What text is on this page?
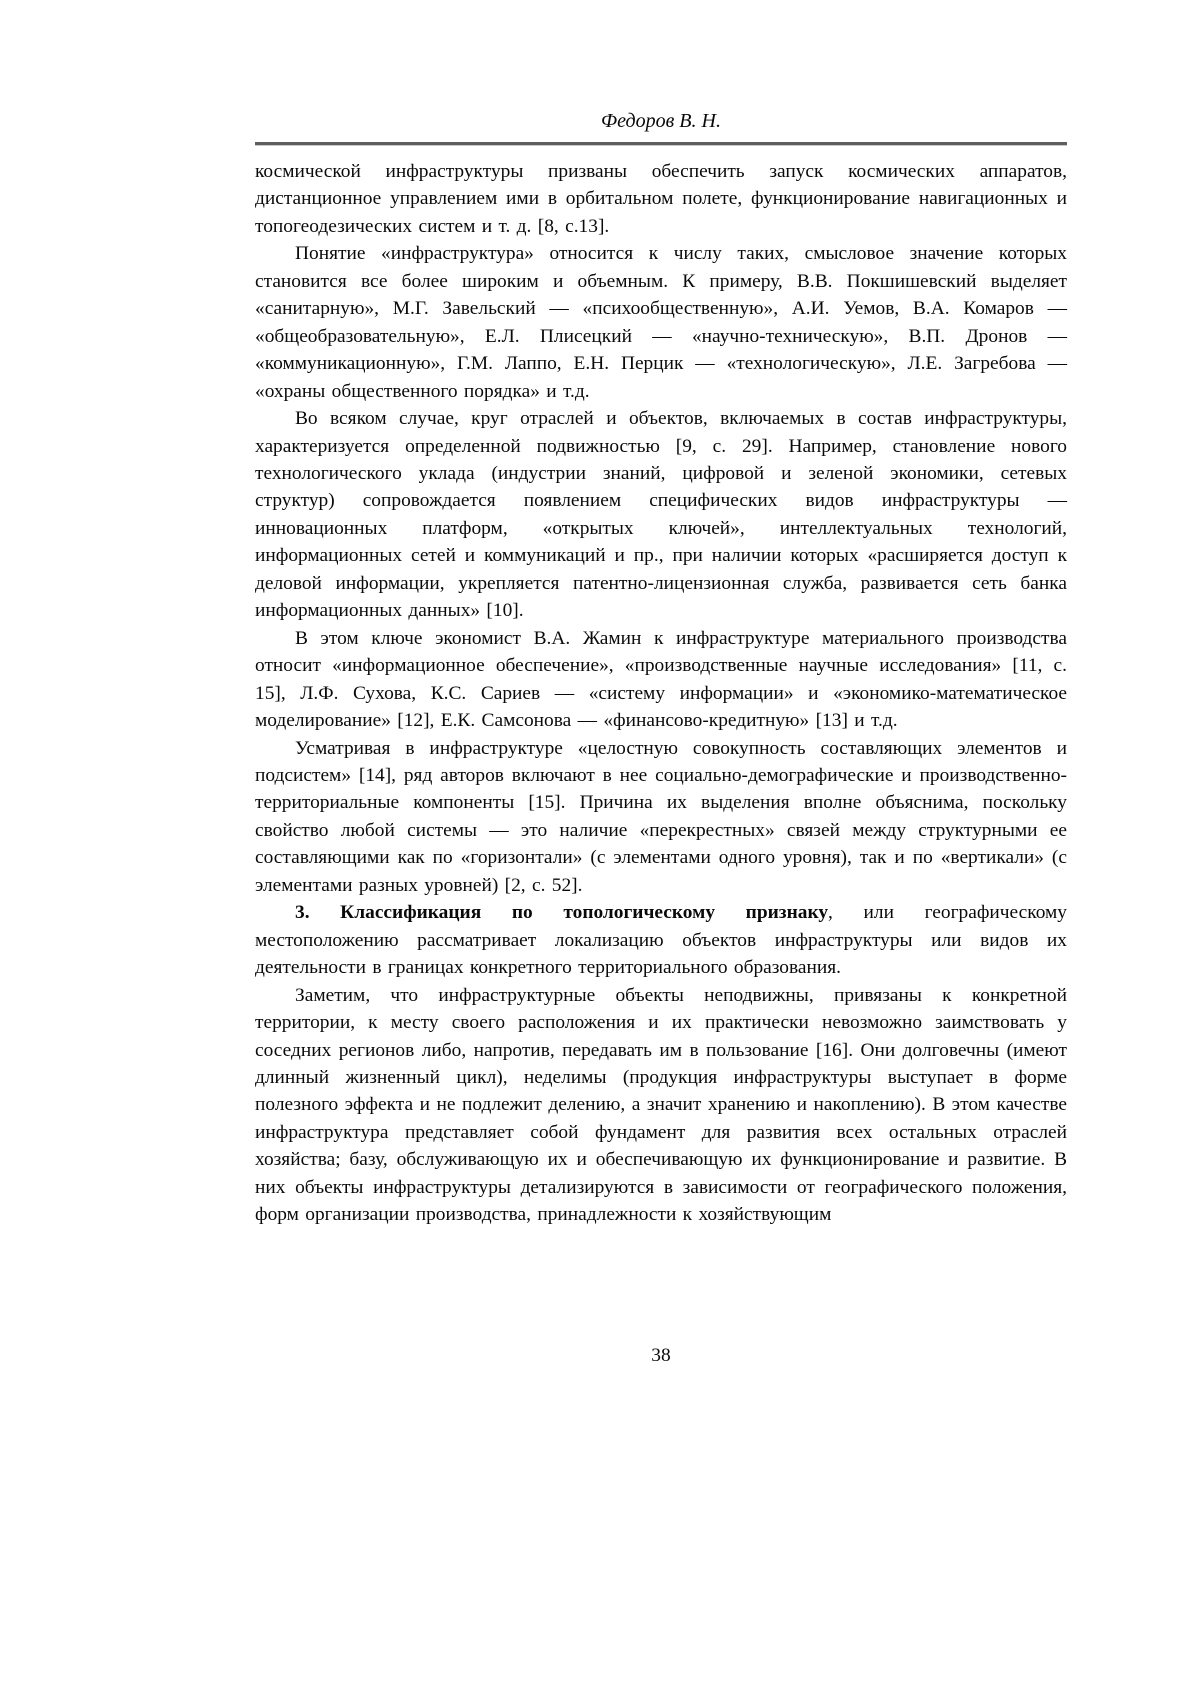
Федоров В. Н.

космической инфраструктуры призваны обеспечить запуск космических аппаратов, дистанционное управлением ими в орбитальном полете, функционирование навигационных и топогеодезических систем и т. д. [8, с.13].

Понятие «инфраструктура» относится к числу таких, смысловое значение которых становится все более широким и объемным. К примеру, В.В. Покшишевский выделяет «санитарную», М.Г. Завельский — «психообщественную», А.И. Уемов, В.А. Комаров — «общеобразовательную», Е.Л. Плисецкий — «научно-техническую», В.П. Дронов — «коммуникационную», Г.М. Лаппо, Е.Н. Перцик — «технологическую», Л.Е. Загребова — «охраны общественного порядка» и т.д.

Во всяком случае, круг отраслей и объектов, включаемых в состав инфраструктуры, характеризуется определенной подвижностью [9, с. 29]. Например, становление нового технологического уклада (индустрии знаний, цифровой и зеленой экономики, сетевых структур) сопровождается появлением специфических видов инфраструктуры — инновационных платформ, «открытых ключей», интеллектуальных технологий, информационных сетей и коммуникаций и пр., при наличии которых «расширяется доступ к деловой информации, укрепляется патентно-лицензионная служба, развивается сеть банка информационных данных» [10].

В этом ключе экономист В.А. Жамин к инфраструктуре материального производства относит «информационное обеспечение», «производственные научные исследования» [11, с. 15], Л.Ф. Сухова, К.С. Сариев — «систему информации» и «экономико-математическое моделирование» [12], Е.К. Самсонова — «финансово-кредитную» [13] и т.д.

Усматривая в инфраструктуре «целостную совокупность составляющих элементов и подсистем» [14], ряд авторов включают в нее социально-демографические и производственно-территориальные компоненты [15]. Причина их выделения вполне объяснима, поскольку свойство любой системы — это наличие «перекрестных» связей между структурными ее составляющими как по «горизонтали» (с элементами одного уровня), так и по «вертикали» (с элементами разных уровней) [2, с. 52].

3. Классификация по топологическому признаку, или географическому местоположению рассматривает локализацию объектов инфраструктуры или видов их деятельности в границах конкретного территориального образования.

Заметим, что инфраструктурные объекты неподвижны, привязаны к конкретной территории, к месту своего расположения и их практически невозможно заимствовать у соседних регионов либо, напротив, передавать им в пользование [16]. Они долговечны (имеют длинный жизненный цикл), неделимы (продукция инфраструктуры выступает в форме полезного эффекта и не подлежит делению, а значит хранению и накоплению). В этом качестве инфраструктура представляет собой фундамент для развития всех остальных отраслей хозяйства; базу, обслуживающую их и обеспечивающую их функционирование и развитие. В них объекты инфраструктуры детализируются в зависимости от географического положения, форм организации производства, принадлежности к хозяйствующим

38
